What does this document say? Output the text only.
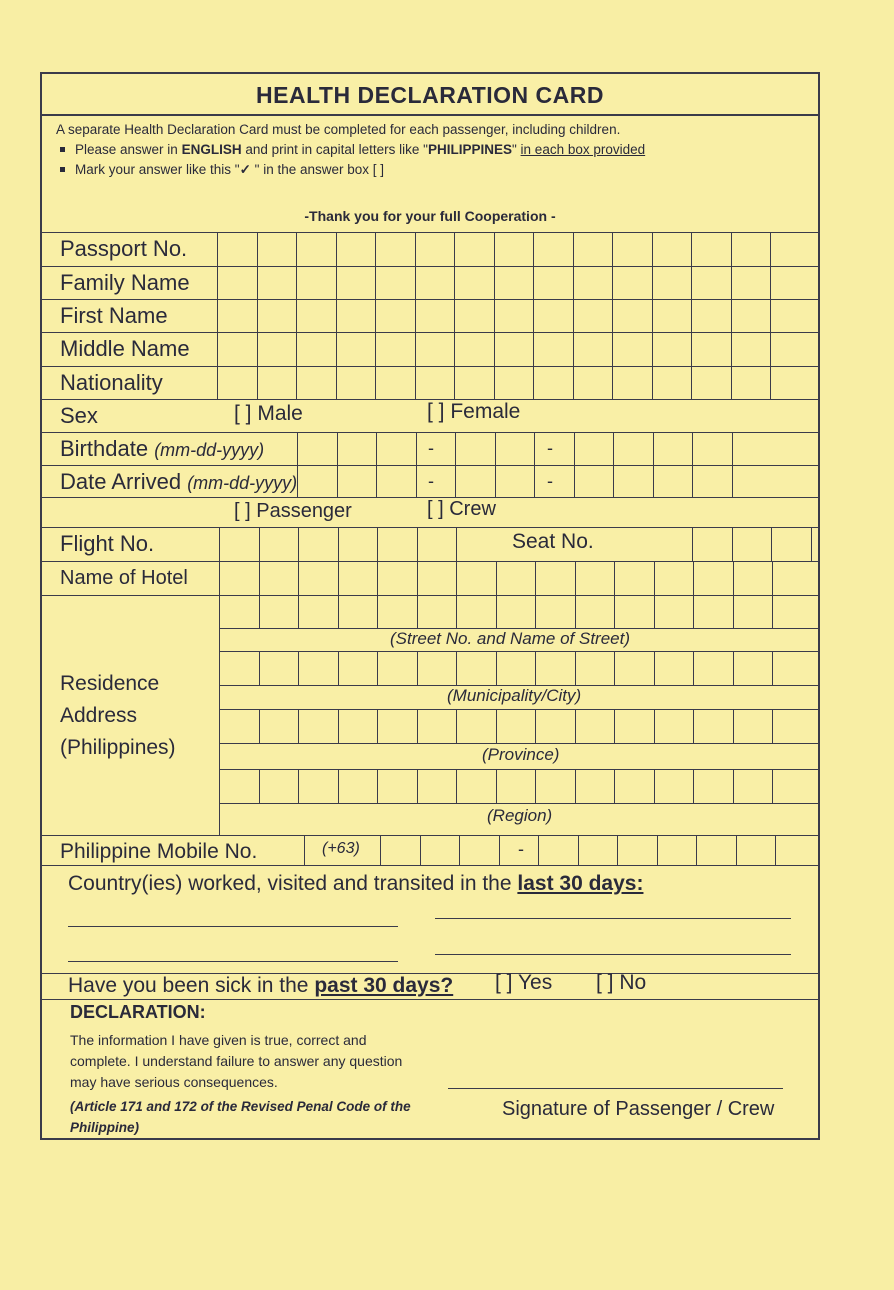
HEALTH DECLARATION CARD
A separate Health Declaration Card must be completed for each passenger, including children.
Please answer in ENGLISH and print in capital letters like "PHILIPPINES" in each box provided
Mark your answer like this "✓ " in the answer box [ ]
-Thank you for your full Cooperation -
Passport No.
Family Name
First Name
Middle Name
Nationality
Sex	[ ] Male	[ ] Female
Birthdate (mm-dd-yyyy)	-	-
Date Arrived (mm-dd-yyyy)	-	-
[ ] Passenger	[ ] Crew
Flight No.	Seat No.
Name of Hotel
Residence
Address
(Philippines)
(Street No. and Name of Street)
(Municipality/City)
(Province)
(Region)
Philippine Mobile No.	(+63)	-
Country(ies) worked, visited and transited in the last 30 days:
Have you been sick in the past 30 days? [ ] Yes [ ] No
DECLARATION:
The information I have given is true, correct and complete. I understand failure to answer any question may have serious consequences.
(Article 171 and 172 of the Revised Penal Code of the Philippine)
Signature of Passenger / Crew
